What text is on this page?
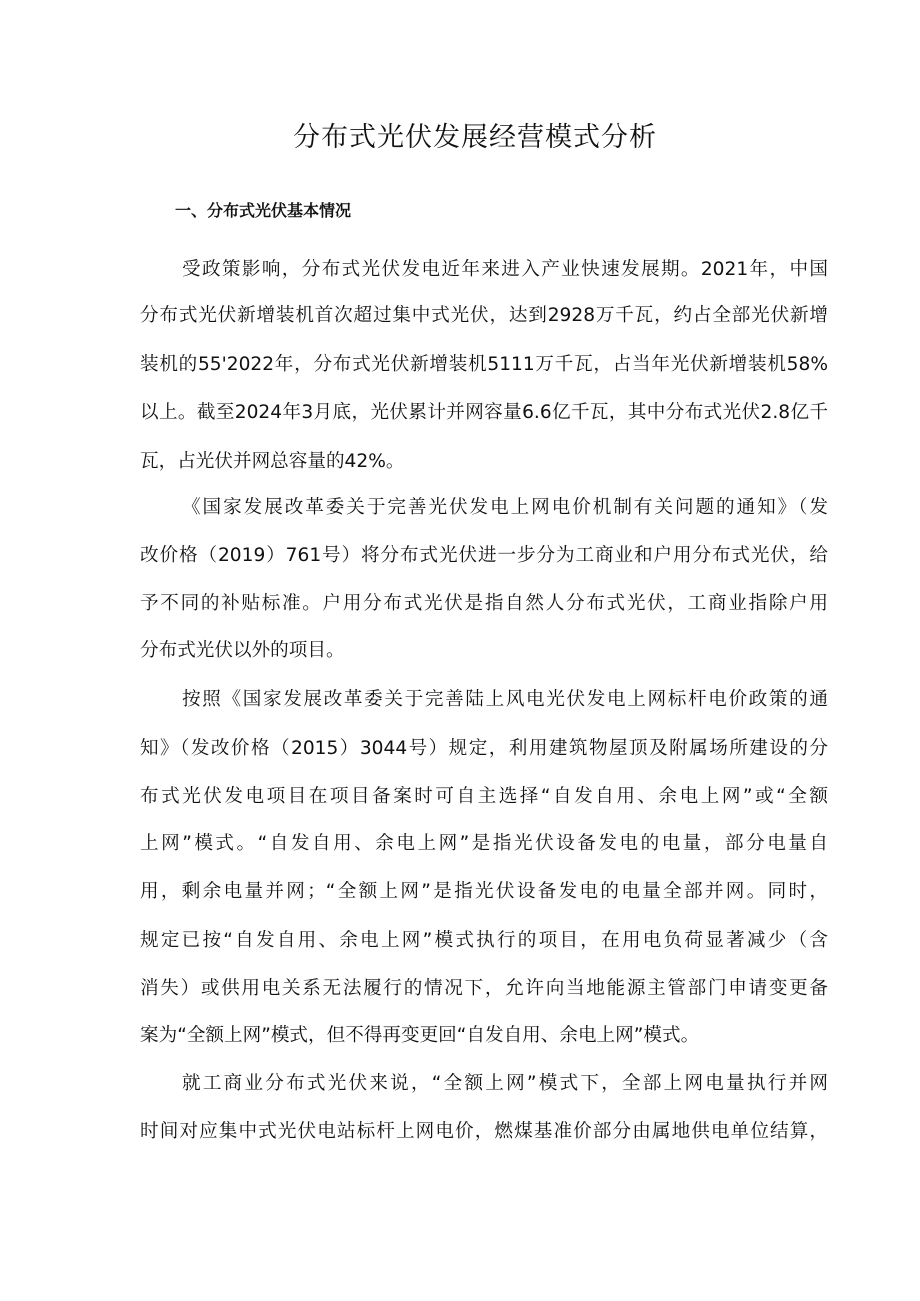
分布式光伏发展经营模式分析
一、分布式光伏基本情况

受政策影响，分布式光伏发电近年来进入产业快速发展期。2021年，中国

分布式光伏新增装机首次超过集中式光伏，达到2928万千瓦，约占全部光伏新增

装机的55'2022年，分布式光伏新增装机5111万千瓦，占当年光伏新增装机58%

以上。截至2024年3月底，光伏累计并网容量6.6亿千瓦，其中分布式光伏2.8亿千

瓦，占光伏并网总容量的42%。

《国家发展改革委关于完善光伏发电上网电价机制有关问题的通知》（发

改价格（2019）761号）将分布式光伏进一步分为工商业和户用分布式光伏，给

予不同的补贴标准。户用分布式光伏是指自然人分布式光伏，工商业指除户用

分布式光伏以外的项目。

按照《国家发展改革委关于完善陆上风电光伏发电上网标杆电价政策的通

知》（发改价格（2015）3044号）规定，利用建筑物屋顶及附属场所建设的分

布式光伏发电项目在项目备案时可自主选择“自发自用、余电上网”或“全额

上网”模式。“自发自用、余电上网”是指光伏设备发电的电量，部分电量自

用，剩余电量并网；“全额上网”是指光伏设备发电的电量全部并网。同时，

规定已按“自发自用、余电上网”模式执行的项目，在用电负荷显著减少（含

消失）或供用电关系无法履行的情况下，允许向当地能源主管部门申请变更备

案为“全额上网”模式，但不得再变更回“自发自用、余电上网”模式。

就工商业分布式光伏来说，“全额上网”模式下，全部上网电量执行并网

时间对应集中式光伏电站标杆上网电价，燃煤基准价部分由属地供电单位结算，
